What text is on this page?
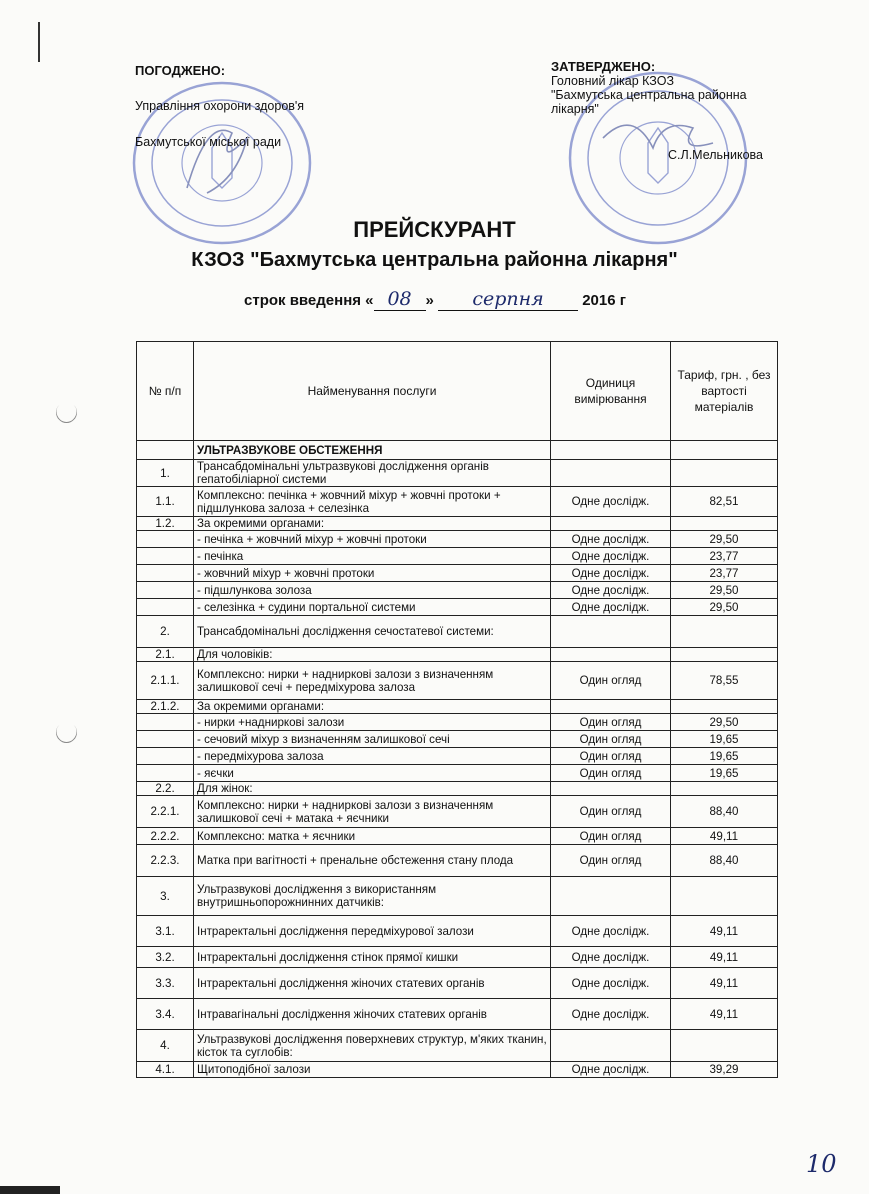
ПОГОДЖЕНО:
Управління охорони здоров'я
Бахмутської міської ради
ЗАТВЕРДЖЕНО:
Головний лікар КЗОЗ
"Бахмутська центральна районна
лікарня"
С.Л.Мельникова
ПРЕЙСКУРАНТ
КЗОЗ "Бахмутська центральна районна лікарня"
строк введення « 08 » серпня	2016 г
№ п/п	Найменування послуги	Одиниця вимірювання	Тариф, грн. , без вартості матеріалів
	УЛЬТРАЗВУКОВЕ ОБСТЕЖЕННЯ		
1.	Трансабдомінальні ультразвукові дослідження органів гепатобіліарної системи		
1.1.	Комплексно: печінка + жовчний міхур + жовчні протоки + підшлункова залоза + селезінка	Одне дослідж.	82,51
1.2.	За окремими органами:		
	- печінка + жовчний міхур + жовчні протоки	Одне дослідж.	29,50
	- печінка	Одне дослідж.	23,77
	- жовчний міхур + жовчні протоки	Одне дослідж.	23,77
	- підшлункова золоза	Одне дослідж.	29,50
	- селезінка + судини портальної системи	Одне дослідж.	29,50
2.	Трансабдомінальні дослідження сечостатевої системи:		
2.1.	Для чоловіків:		
2.1.1.	Комплексно: нирки + надниркові залози з визначенням залишкової сечі + передміхурова залоза	Один огляд	78,55
2.1.2.	За окремими органами:		
	- нирки +надниркові залози	Один огляд	29,50
	- сечовий міхур з визначенням залишкової сечі	Один огляд	19,65
	- передміхурова залоза	Один огляд	19,65
	- яєчки	Один огляд	19,65
2.2.	Для жінок:		
2.2.1.	Комплексно: нирки + надниркові залози з визначенням залишкової сечі + матака + яєчники	Один огляд	88,40
2.2.2.	Комплексно: матка + яєчники	Один огляд	49,11
2.2.3.	Матка при вагітності + пренальне обстеження стану плода	Один огляд	88,40
3.	Ультразвукові дослідження з використанням внутришньопорожнинних датчиків:		
3.1.	Інтраректальні дослідження передміхурової залози	Одне дослідж.	49,11
3.2.	Інтраректальні дослідження стінок прямої кишки	Одне дослідж.	49,11
3.3.	Інтраректальні дослідження жіночих статевих органів	Одне дослідж.	49,11
3.4.	Інтравагінальні дослідження жіночих статевих органів	Одне дослідж.	49,11
4.	Ультразвукові дослідження поверхневих структур, м'яких тканин, кісток та суглобів:		
4.1.	Щитоподібної залози	Одне дослідж.	39,29
10
